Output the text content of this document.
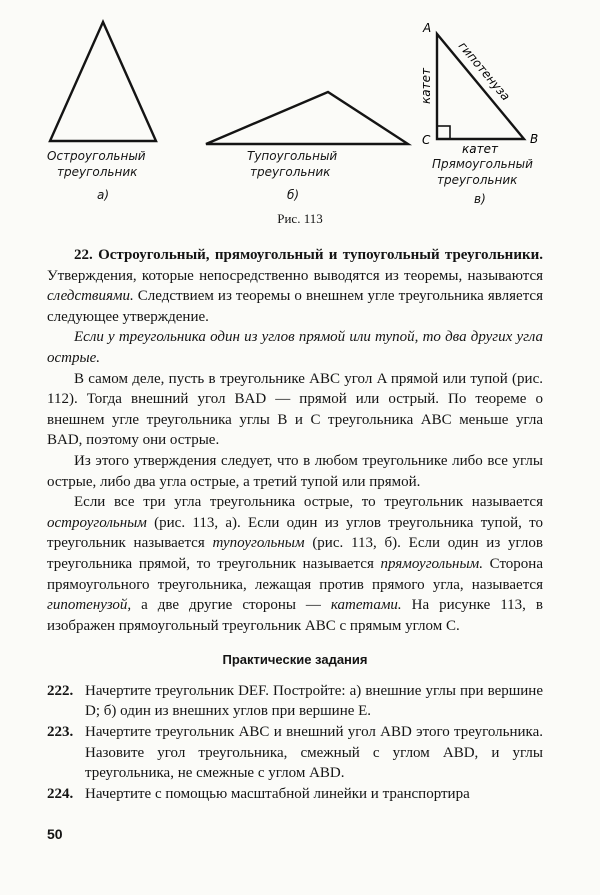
A
B
C
катет гипотенуза
катет
Остроугольный
треугольник
а)
Тупоугольный
треугольник
б)
Прямоугольный
треугольник
в)
Рис. 113

22. Остроугольный, прямоугольный и тупоугольный треугольники. Утверждения, которые непосредственно выводятся из теоремы, называются следствиями. Следствием из теоремы о внешнем угле треугольника является следующее утверждение.

Если у треугольника один из углов прямой или тупой, то два других угла острые.

В самом деле, пусть в треугольнике ABC угол A прямой или тупой (рис. 112). Тогда внешний угол BAD — прямой или острый. По теореме о внешнем угле треугольника углы B и C треугольника ABC меньше угла BAD, поэтому они острые.

Из этого утверждения следует, что в любом треугольнике либо все углы острые, либо два угла острые, а третий тупой или прямой.

Если все три угла треугольника острые, то треугольник называется остроугольным (рис. 113, а). Если один из углов треугольника тупой, то треугольник называется тупоугольным (рис. 113, б). Если один из углов треугольника прямой, то треугольник называется прямоугольным. Сторона прямоугольного треугольника, лежащая против прямого угла, называется гипотенузой, а две другие стороны — катетами. На рисунке 113, в изображен прямоугольный треугольник ABC с прямым углом C.

Практические задания
222. Начертите треугольник DEF. Постройте: а) внешние углы при вершине D; б) один из внешних углов при вершине E.
223. Начертите треугольник ABC и внешний угол ABD этого треугольника. Назовите угол треугольника, смежный с углом ABD, и углы треугольника, не смежные с углом ABD.
224. Начертите с помощью масштабной линейки и транспортира
50
